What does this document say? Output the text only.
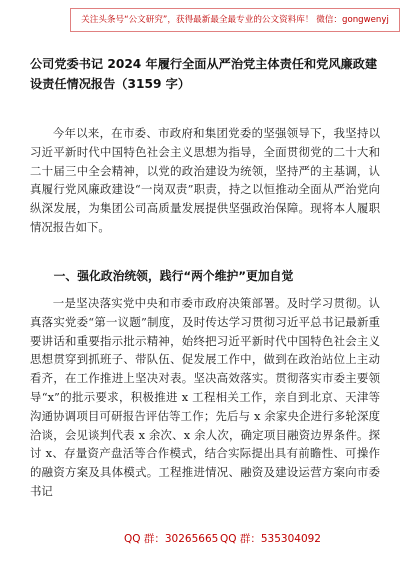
关注头条号“公文研究”，获得最新最全最专业的公文资料库！ 微信：gongwenyj
公司党委书记 2024 年履行全面从严治党主体责任和党风廉政建设责任情况报告（3159 字）

今年以来，在市委、市政府和集团党委的坚强领导下，我坚持以习近平新时代中国特色社会主义思想为指导，全面贯彻党的二十大和二十届三中全会精神，以党的政治建设为统领，坚持严的主基调，认真履行党风廉政建设“一岗双责”职责，持之以恒推动全面从严治党向纵深发展，为集团公司高质量发展提供坚强政治保障。现将本人履职情况报告如下。

一、强化政治统领，践行“两个维护”更加自觉

一是坚决落实党中央和市委市政府决策部署。及时学习贯彻。认真落实党委“第一议题”制度，及时传达学习贯彻习近平总书记最新重要讲话和重要指示批示精神，始终把习近平新时代中国特色社会主义思想贯穿到抓班子、带队伍、促发展工作中，做到在政治站位上主动看齐，在工作推进上坚决对表。坚决高效落实。贯彻落实市委主要领导“x”的批示要求，积极推进 x 工程相关工作，亲自到北京、天津等沟通协调项目可研报告评估等工作；先后与 x 余家央企进行多轮深度洽谈，会见谈判代表 x 余次、x 余人次，确定项目融资边界条件。探讨 x、存量资产盘活等合作模式，结合实际提出具有前瞻性、可操作的融资方案及具体模式。工程推进情况、融资及建设运营方案向市委书记

QQ 群：30265665 QQ 群：535304092
